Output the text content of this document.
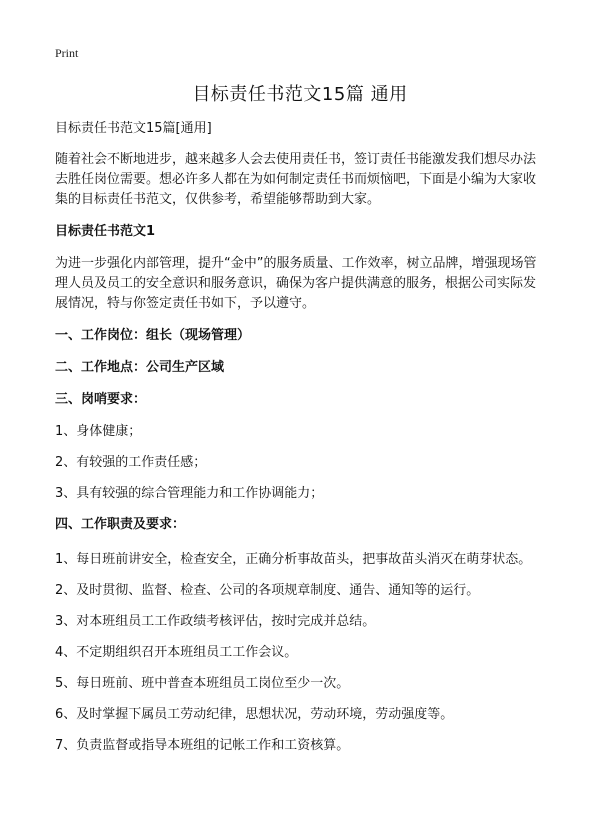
Print
目标责任书范文15篇 通用

目标责任书范文15篇[通用]

随着社会不断地进步，越来越多人会去使用责任书，签订责任书能激发我们想尽办法去胜任岗位需要。想必许多人都在为如何制定责任书而烦恼吧，下面是小编为大家收集的目标责任书范文，仅供参考，希望能够帮助到大家。

目标责任书范文1

为进一步强化内部管理，提升“金中”的服务质量、工作效率，树立品牌，增强现场管理人员及员工的安全意识和服务意识，确保为客户提供满意的服务，根据公司实际发展情况，特与你签定责任书如下，予以遵守。

一、工作岗位：组长（现场管理）

二、工作地点：公司生产区域

三、岗哨要求：

1、身体健康；

2、有较强的工作责任感；

3、具有较强的综合管理能力和工作协调能力；

四、工作职责及要求：

1、每日班前讲安全，检查安全，正确分析事故苗头，把事故苗头消灭在萌芽状态。

2、及时贯彻、监督、检查、公司的各项规章制度、通告、通知等的运行。

3、对本班组员工工作政绩考核评估，按时完成并总结。

4、不定期组织召开本班组员工工作会议。

5、每日班前、班中普查本班组员工岗位至少一次。

6、及时掌握下属员工劳动纪律，思想状况，劳动环境，劳动强度等。

7、负责监督或指导本班组的记帐工作和工资核算。
